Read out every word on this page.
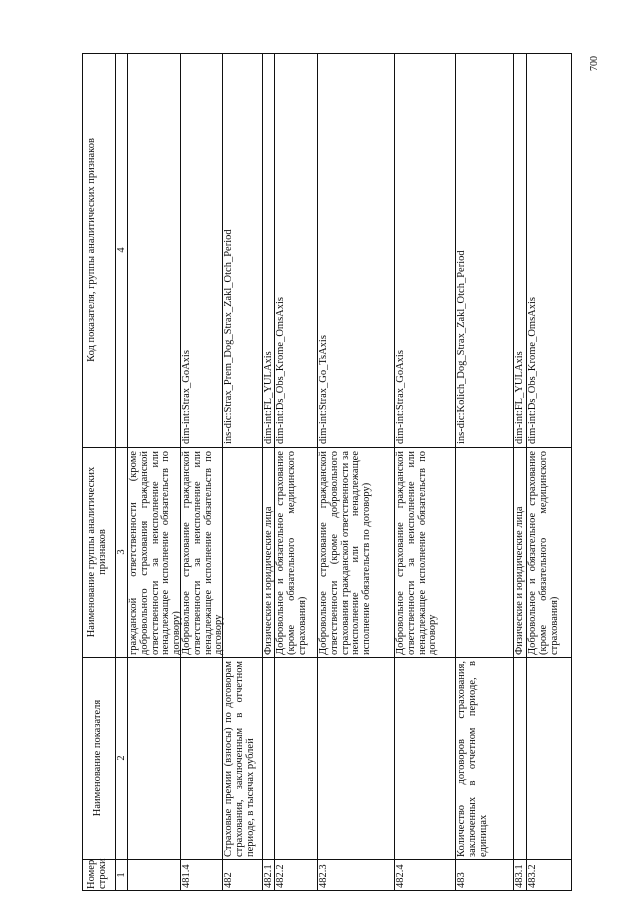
Номер строки
Наименование показателя
Наименование группы аналитических признаков
Код показателя, группы аналитических признаков
1
2
3
4
гражданской ответственности (кроме добровольного страхования гражданской ответственности за неисполнение или ненадлежащее исполнение обязательств по договору)
481.4
Добровольное страхование гражданской ответственности за неисполнение или ненадлежащее исполнение обязательств по договору
dim-int:Strax_GoAxis
482
Страховые премии (взносы) по договорам страхования, заключенным в отчетном периоде, в тысячах рублей
ins-dic:Strax_Prem_Dog_Strax_Zakl_Otch_Period
482.1
Физические и юридические лица
dim-int:FL_YULAxis
482.2
Добровольное и обязательное страхование (кроме обязательного медицинского страхования)
dim-int:Ds_Obs_Krome_OmsAxis
482.3
Добровольное страхование гражданской ответственности (кроме добровольного страхования гражданской ответственности за неисполнение или ненадлежащее исполнение обязательств по договору)
dim-int:Strax_Go_TsAxis
482.4
Добровольное страхование гражданской ответственности за неисполнение или ненадлежащее исполнение обязательств по договору
dim-int:Strax_GoAxis
483
Количество договоров страхования, заключенных в отчетном периоде, в единицах
ins-dic:Kolich_Dog_Strax_Zakl_Otch_Period
483.1
Физические и юридические лица
dim-int:FL_YULAxis
483.2
Добровольное и обязательное страхование (кроме обязательного медицинского страхования)
dim-int:Ds_Obs_Krome_OmsAxis
700
